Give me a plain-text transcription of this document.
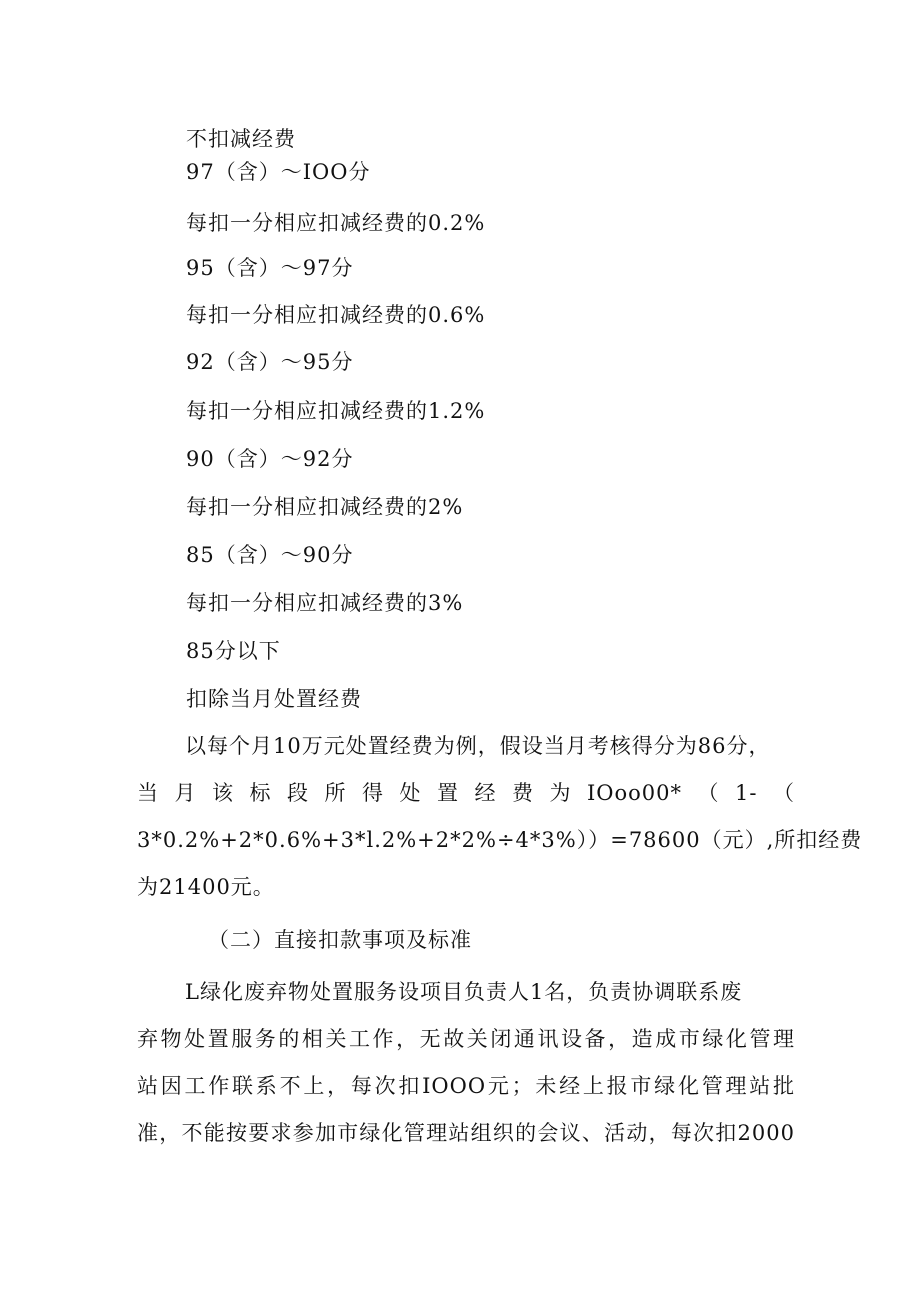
不扣减经费
97（含）～IOO分
每扣一分相应扣减经费的0.2%
95（含）～97分
每扣一分相应扣减经费的0.6%
92（含）～95分
每扣一分相应扣减经费的1.2%
90（含）～92分
每扣一分相应扣减经费的2%
85（含）～90分
每扣一分相应扣减经费的3%
85分以下
扣除当月处置经费
以每个月10万元处置经费为例，假设当月考核得分为86分，
当月该标段所得处置经费为IOoo00*（1-（
3*0.2%+2*0.6%+3*l.2%+2*2%÷4*3%））=78600（元）,所扣经费
为21400元。
（二）直接扣款事项及标准
L绿化废弃物处置服务设项目负责人1名，负责协调联系废
弃物处置服务的相关工作，无故关闭通讯设备，造成市绿化管理
站因工作联系不上，每次扣IOOO元；未经上报市绿化管理站批
准，不能按要求参加市绿化管理站组织的会议、活动，每次扣2000
